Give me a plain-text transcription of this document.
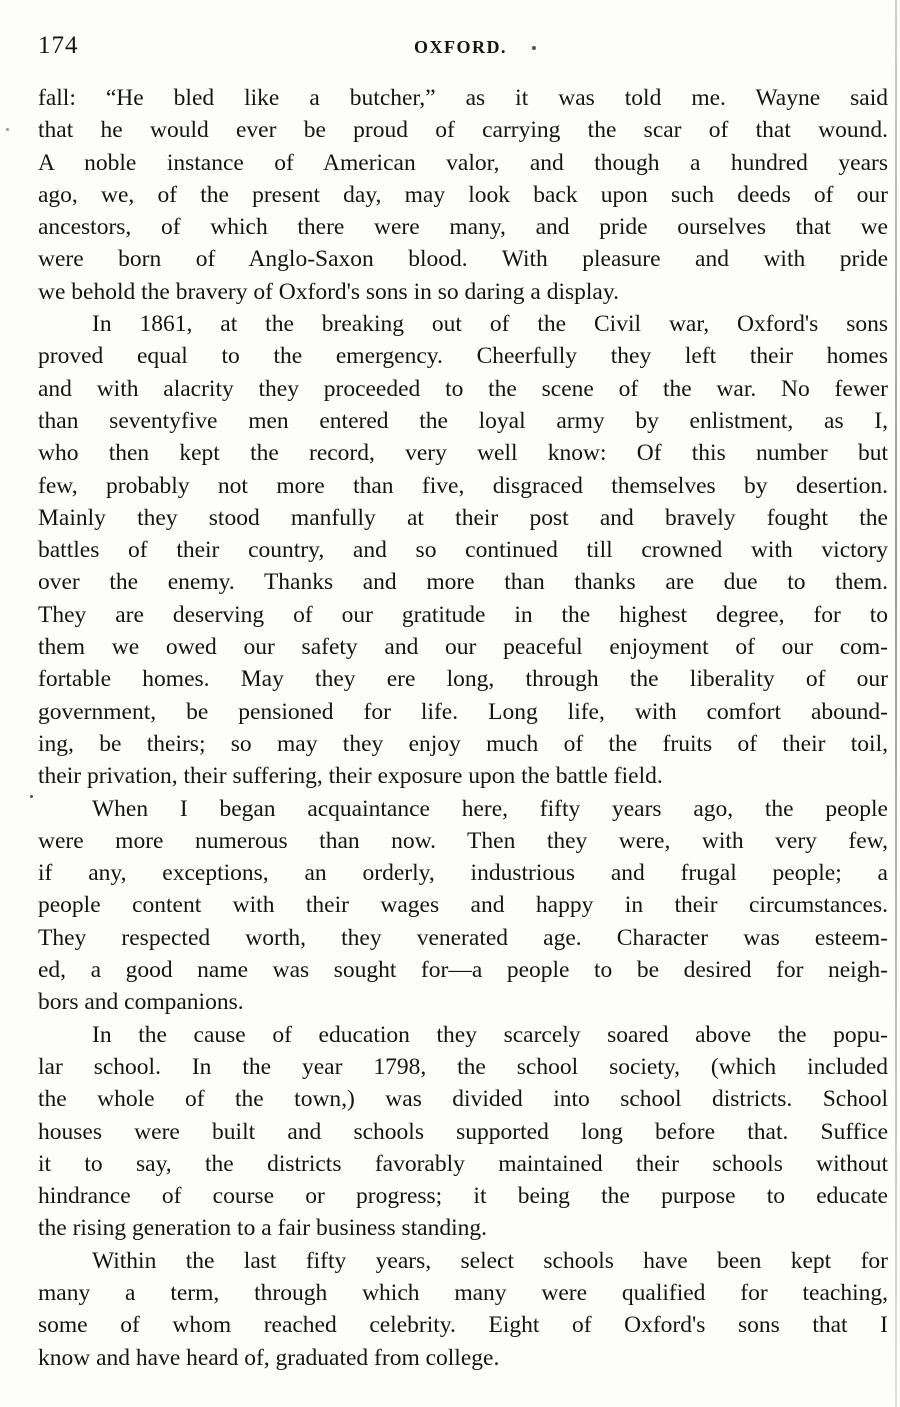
174	OXFORD.
fall: “He bled like a butcher,” as it was told me. Wayne said
that he would ever be proud of carrying the scar of that wound.
A noble instance of American valor, and though a hundred years
ago, we, of the present day, may look back upon such deeds of our
ancestors, of which there were many, and pride ourselves that we
were born of Anglo-Saxon blood. With pleasure and with pride
we behold the bravery of Oxford's sons in so daring a display.
In 1861, at the breaking out of the Civil war, Oxford's sons
proved equal to the emergency. Cheerfully they left their homes
and with alacrity they proceeded to the scene of the war. No fewer
than seventyfive men entered the loyal army by enlistment, as I,
who then kept the record, very well know: Of this number but
few, probably not more than five, disgraced themselves by desertion.
Mainly they stood manfully at their post and bravely fought the
battles of their country, and so continued till crowned with victory
over the enemy. Thanks and more than thanks are due to them.
They are deserving of our gratitude in the highest degree, for to
them we owed our safety and our peaceful enjoyment of our com-
fortable homes. May they ere long, through the liberality of our
government, be pensioned for life. Long life, with comfort abound-
ing, be theirs; so may they enjoy much of the fruits of their toil,
their privation, their suffering, their exposure upon the battle field.
When I began acquaintance here, fifty years ago, the people
were more numerous than now. Then they were, with very few,
if any, exceptions, an orderly, industrious and frugal people; a
people content with their wages and happy in their circumstances.
They respected worth, they venerated age. Character was esteem-
ed, a good name was sought for—a people to be desired for neigh-
bors and companions.
In the cause of education they scarcely soared above the popu-
lar school. In the year 1798, the school society, (which included
the whole of the town,) was divided into school districts. School
houses were built and schools supported long before that. Suffice
it to say, the districts favorably maintained their schools without
hindrance of course or progress; it being the purpose to educate
the rising generation to a fair business standing.
Within the last fifty years, select schools have been kept for
many a term, through which many were qualified for teaching,
some of whom reached celebrity. Eight of Oxford's sons that I
know and have heard of, graduated from college.
